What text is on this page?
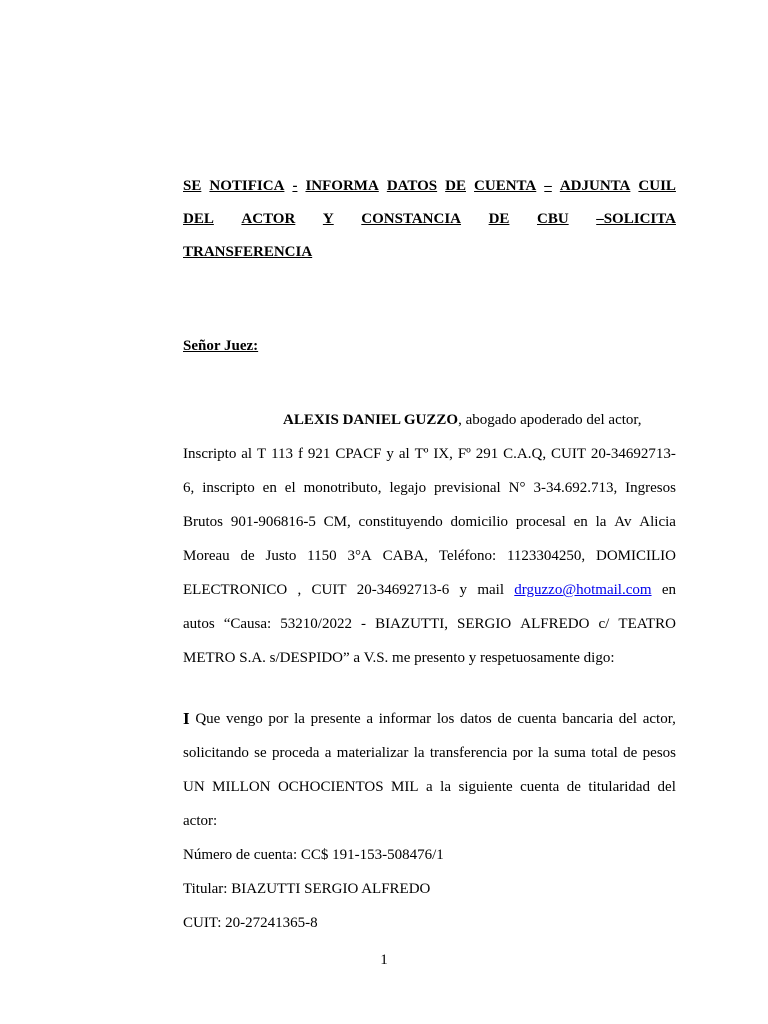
SE NOTIFICA - INFORMA DATOS DE CUENTA – ADJUNTA CUIL
DEL ACTOR Y CONSTANCIA DE CBU –SOLICITA
TRANSFERENCIA
Señor Juez:
ALEXIS DANIEL GUZZO, abogado apoderado del actor,
Inscripto al T 113 f 921 CPACF y al Tº IX, Fº 291 C.A.Q, CUIT 20-34692713-
6, inscripto en el monotributo, legajo previsional N° 3-34.692.713, Ingresos
Brutos 901-906816-5 CM, constituyendo domicilio procesal en la Av Alicia
Moreau de Justo 1150 3°A CABA, Teléfono: 1123304250, DOMICILIO
ELECTRONICO , CUIT 20-34692713-6 y mail drguzzo@hotmail.com en
autos “Causa: 53210/2022 - BIAZUTTI, SERGIO ALFREDO c/ TEATRO
METRO S.A. s/DESPIDO” a V.S. me presento y respetuosamente digo:
I Que vengo por la presente a informar los datos de cuenta bancaria del actor,
solicitando se proceda a materializar la transferencia por la suma total de pesos
UN MILLON OCHOCIENTOS MIL a la siguiente cuenta de titularidad del
actor:
Número de cuenta: CC$ 191-153-508476/1
Titular: BIAZUTTI SERGIO ALFREDO
CUIT: 20-27241365-8
1
